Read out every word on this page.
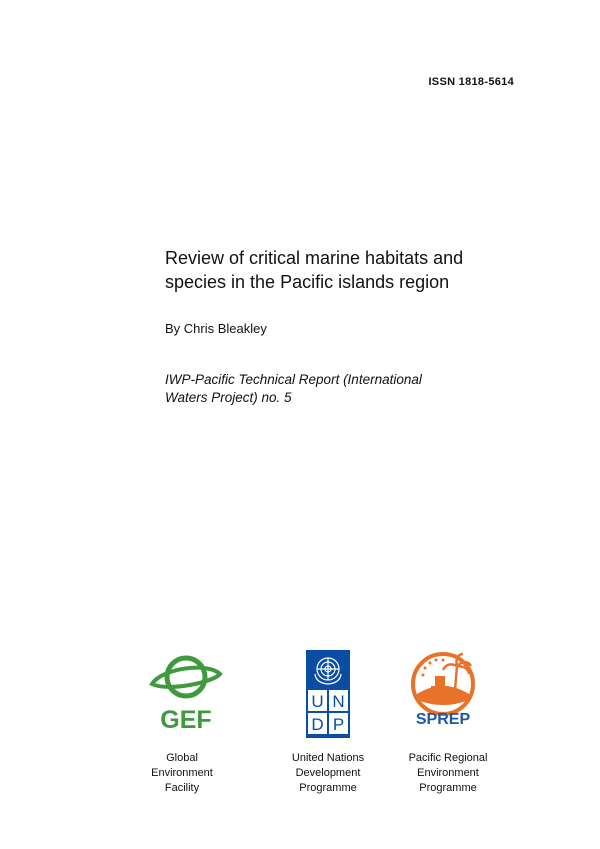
ISSN 1818-5614
Review of critical marine habitats and
species in the Pacific islands region
By Chris Bleakley
IWP-Pacific Technical Report (International
Waters Project) no. 5
GEF
U N
D P	SPREP
Global
Environment
Facility
United Nations
Development
Programme
Pacific Regional
Environment
Programme
